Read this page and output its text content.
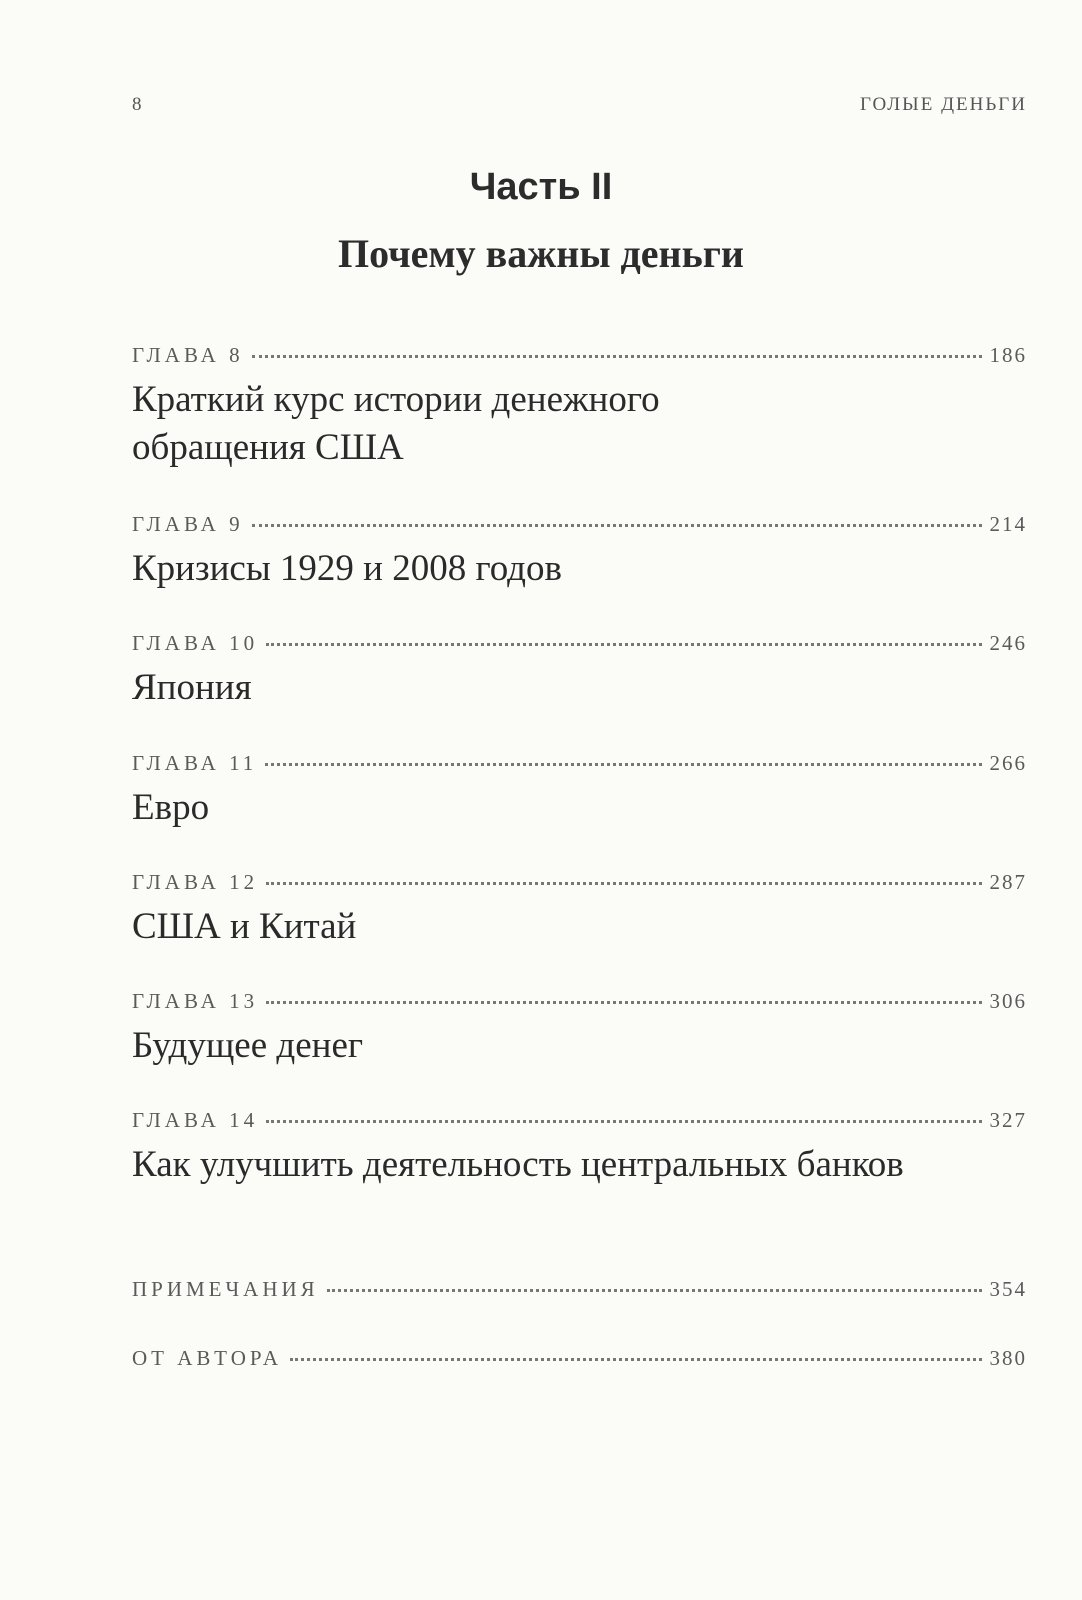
8	ГОЛЫЕ ДЕНЬГИ
Часть II
Почему важны деньги
ГЛАВА 8	186
Краткий курс истории денежного обращения США
ГЛАВА 9	214
Кризисы 1929 и 2008 годов
ГЛАВА 10	246
Япония
ГЛАВА 11	266
Евро
ГЛАВА 12	287
США и Китай
ГЛАВА 13	306
Будущее денег
ГЛАВА 14	327
Как улучшить деятельность центральных банков
ПРИМЕЧАНИЯ	354
ОТ АВТОРА	380
